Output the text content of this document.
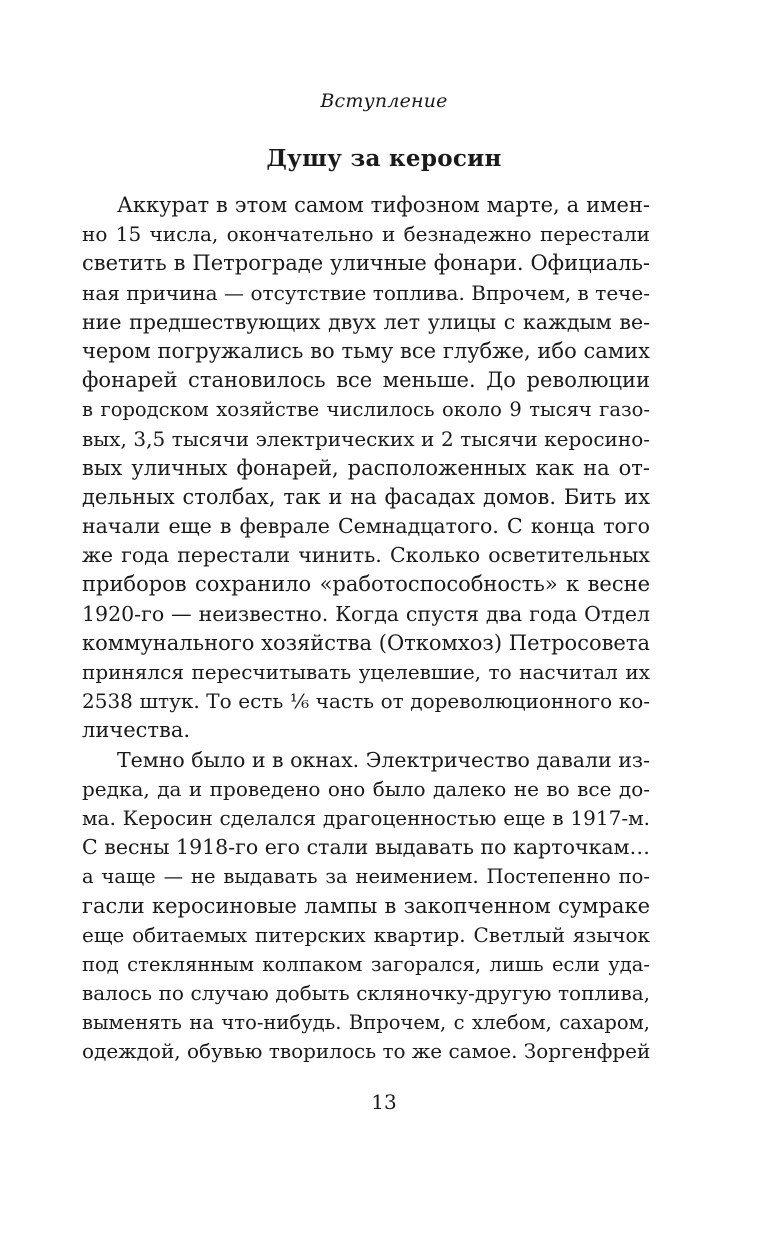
Вступление
Душу за керосин
Аккурат в этом самом тифозном марте, а имен-
но 15 числа, окончательно и безнадежно перестали
светить в Петрограде уличные фонари. Официаль-
ная причина — отсутствие топлива. Впрочем, в тече-
ние предшествующих двух лет улицы с каждым ве-
чером погружались во тьму все глубже, ибо самих
фонарей становилось все меньше. До революции
в городском хозяйстве числилось около 9 тысяч газо-
вых, 3,5 тысячи электрических и 2 тысячи керосино-
вых уличных фонарей, расположенных как на от-
дельных столбах, так и на фасадах домов. Бить их
начали еще в феврале Семнадцатого. С конца того
же года перестали чинить. Сколько осветительных
приборов сохранило «работоспособность» к весне
1920-го — неизвестно. Когда спустя два года Отдел
коммунального хозяйства (Откомхоз) Петросовета
принялся пересчитывать уцелевшие, то насчитал их
2538 штук. То есть ¹⁄₆ часть от дореволюционного ко-
личества.
Темно было и в окнах. Электричество давали из-
редка, да и проведено оно было далеко не во все до-
ма. Керосин сделался драгоценностью еще в 1917-м.
С весны 1918-го его стали выдавать по карточкам…
а чаще — не выдавать за неимением. Постепенно по-
гасли керосиновые лампы в закопченном сумраке
еще обитаемых питерских квартир. Светлый язычок
под стеклянным колпаком загорался, лишь если уда-
валось по случаю добыть скляночку-другую топлива,
выменять на что-нибудь. Впрочем, с хлебом, сахаром,
одеждой, обувью творилось то же самое. Зоргенфрей
13
